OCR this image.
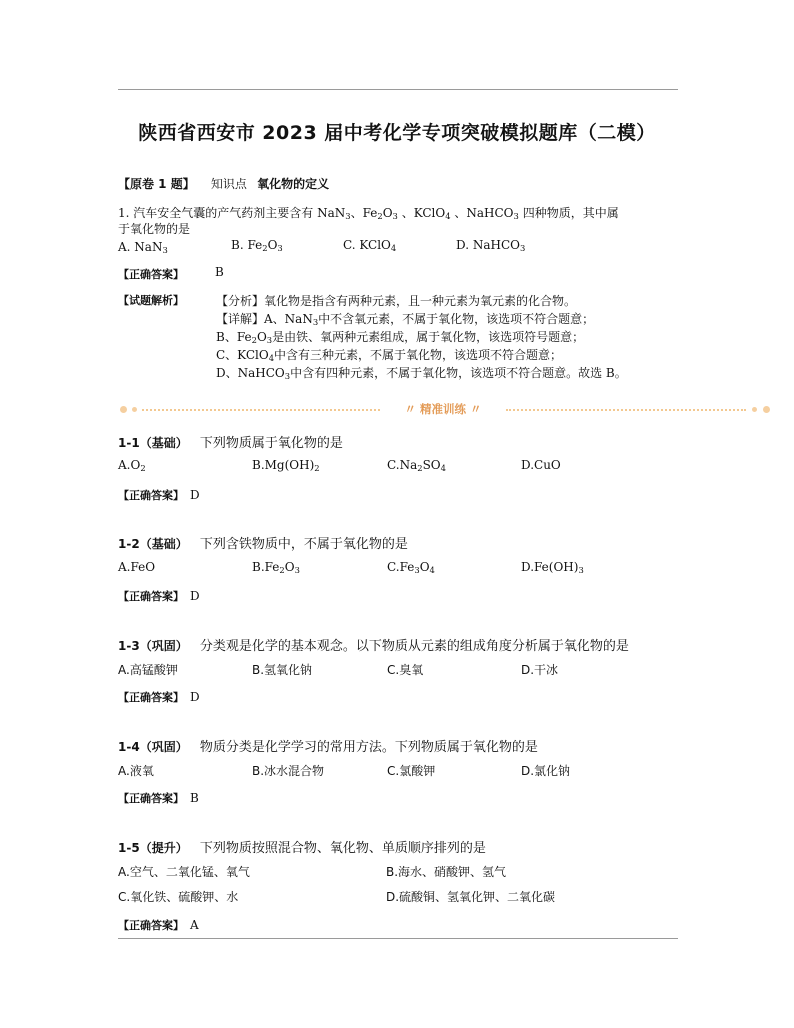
陕西省西安市 2023 届中考化学专项突破模拟题库（二模）
【原卷 1 题】 知识点 氧化物的定义
1. 汽车安全气囊的产气药剂主要含有 NaN$_3$、$Fe_2O_3$ 、KClO$_4$ 、NaHCO$_3$ 四种物质，其中属
于氧化物的是
A. NaN$_3$	B. $Fe_2O_3$	C. KClO$_4$	D. NaHCO$_3$
【正确答案】	B
【试题解析】	【分析】氧化物是指含有两种元素，且一种元素为氧元素的化合物。
【详解】A、NaN$_3$中不含氧元素，不属于氧化物，该选项不符合题意；
B、$Fe_2O_3$是由铁、氧两种元素组成，属于氧化物，该选项符号题意；
C、KClO$_4$中含有三种元素，不属于氧化物，该选项不符合题意；
D、NaHCO$_3$中含有四种元素，不属于氧化物，该选项不符合题意。故选 B。
〃 精准训练 〃
1-1（基础） 下列物质属于氧化物的是
$A.O_2$	$B.Mg(OH)_2$	$C.Na_2SO_4$	D.CuO
【正确答案】 D
1-2（基础） 下列含铁物质中，不属于氧化物的是
A.FeO	$B.Fe_2O_3$	$C.Fe_3O_4$	$D.Fe(OH)_3$
【正确答案】 D
1-3（巩固） 分类观是化学的基本观念。以下物质从元素的组成角度分析属于氧化物的是
A.高锰酸钾	B.氢氧化钠	C.臭氧	D.干冰
【正确答案】 D
1-4（巩固） 物质分类是化学学习的常用方法。下列物质属于氧化物的是
A.液氧	B.冰水混合物	C.氯酸钾	D.氯化钠
【正确答案】 B
1-5（提升） 下列物质按照混合物、氧化物、单质顺序排列的是
A.空气、二氧化锰、氧气	B.海水、硝酸钾、氢气
C.氧化铁、硫酸钾、水	D.硫酸铜、氢氧化钾、二氧化碳
【正确答案】 A
